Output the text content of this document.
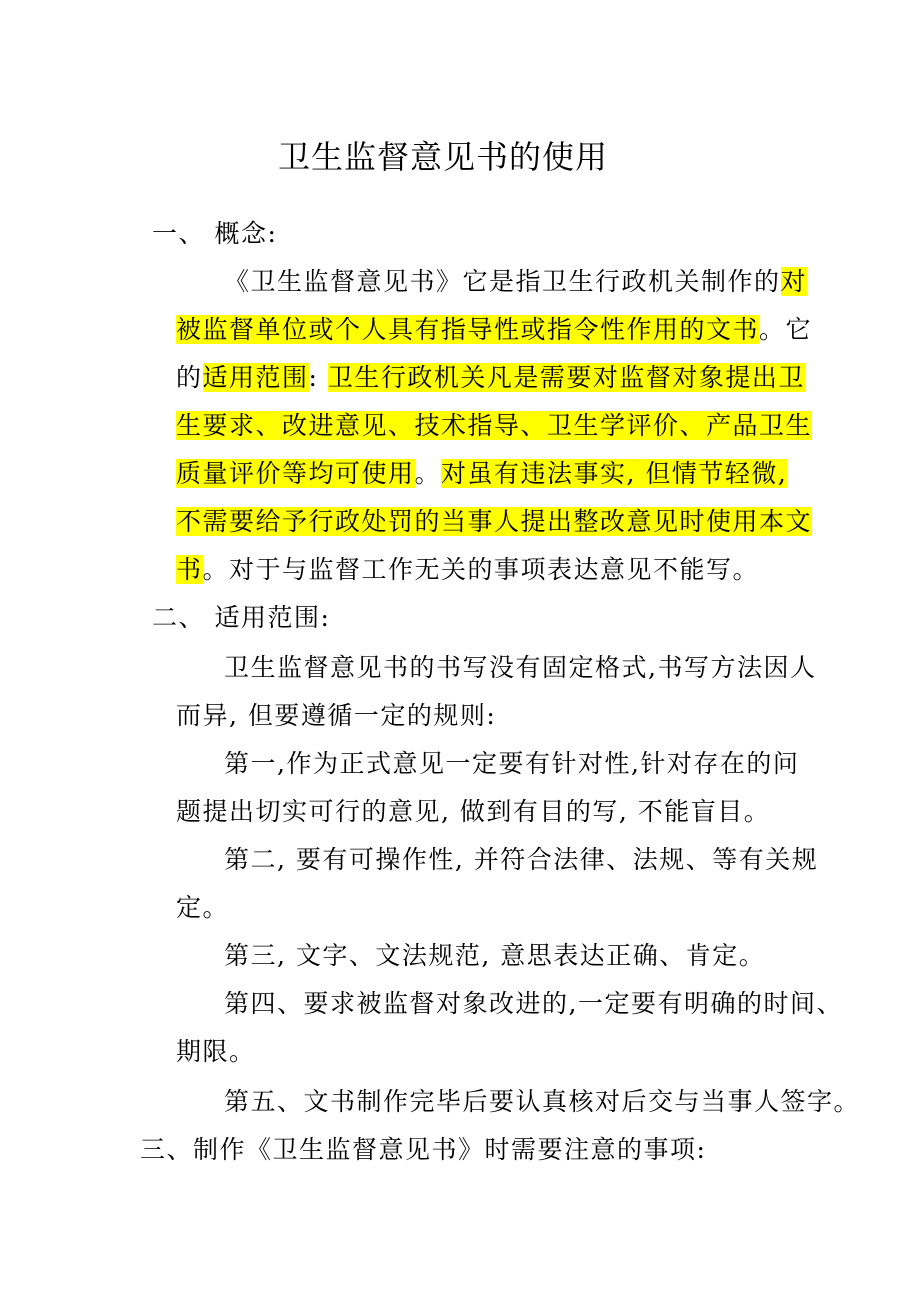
卫生监督意见书的使用
一、 概念:
《卫生监督意见书》它是指卫生行政机关制作的对
被监督单位或个人具有指导性或指令性作用的文书。它
的适用范围: 卫生行政机关凡是需要对监督对象提出卫
生要求、改进意见、技术指导、卫生学评价、产品卫生
质量评价等均可使用。对虽有违法事实, 但情节轻微,
不需要给予行政处罚的当事人提出整改意见时使用本文
书。对于与监督工作无关的事项表达意见不能写。
二、 适用范围:
卫生监督意见书的书写没有固定格式,书写方法因人
而异, 但要遵循一定的规则:
第一,作为正式意见一定要有针对性,针对存在的问
题提出切实可行的意见, 做到有目的写, 不能盲目。
第二, 要有可操作性, 并符合法律、法规、等有关规
定。
第三, 文字、文法规范, 意思表达正确、肯定。
第四、要求被监督对象改进的,一定要有明确的时间、
期限。
第五、文书制作完毕后要认真核对后交与当事人签字。
三、制作《卫生监督意见书》时需要注意的事项:
